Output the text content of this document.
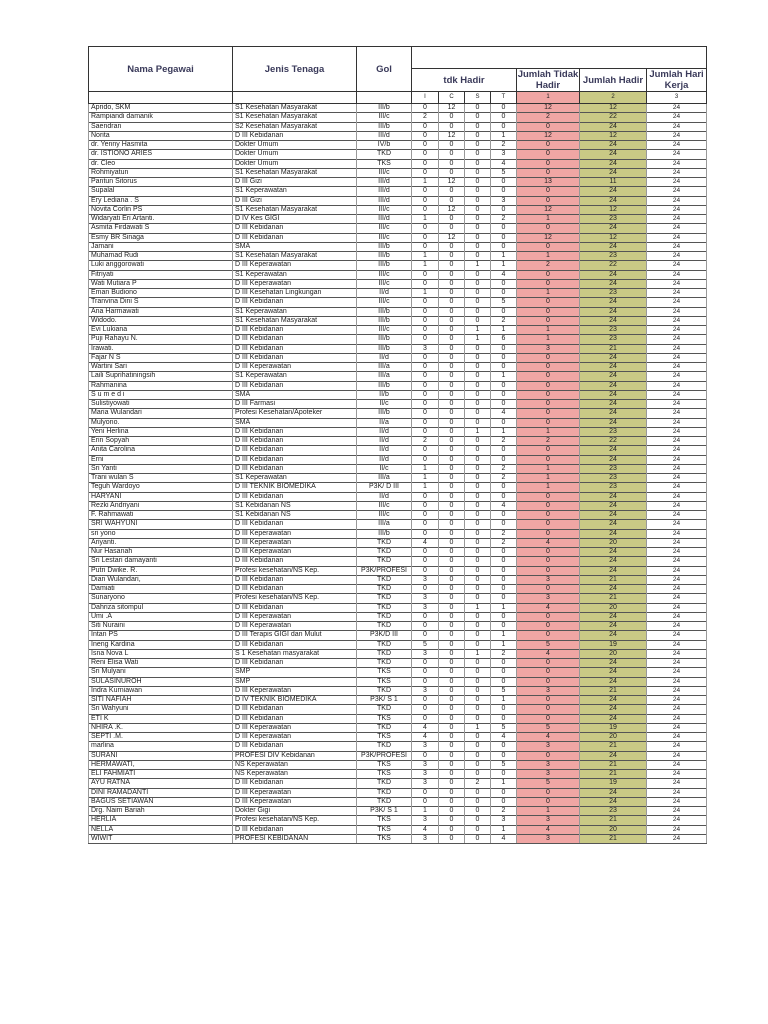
Nama Pegawai	Jenis Tenaga	Gol							
			tdk Hadir				Jumlah Tidak Hadir	Jumlah Hadir	Jumlah Hari Kerja
			I	C	S	T	1	2	3
Aprido, SKM	S1 Kesehatan Masyarakat	III/b	0	12	0	0	12	12	24
Rampiandi damanik	S1 Kesehatan Masyarakat	III/c	2	0	0	0	2	22	24
Saendran	S2 Kesehatan Masyarakat	III/b	0	0	0	0	0	24	24
Norita	D III Kebidanan	III/d	0	12	0	1	12	12	24
dr. Yenny Hasmita	Dokter Umum	IV/b	0	0	0	2	0	24	24
dr. ISTIONO ARIES	Dokter Umum	TKD	0	0	0	3	0	24	24
dr. Cleo	Dokter Umum	TKS	0	0	0	4	0	24	24
Rohmiyatun	S1 Kesehatan Masyarakat	III/c	0	0	0	5	0	24	24
Pantun Sitorus	D III Gizi	III/d	1	12	0	0	13	11	24
Supalal	S1 Keperawatan	III/d	0	0	0	0	0	24	24
Ery Lediana . S	D III Gizi	III/d	0	0	0	3	0	24	24
Novita Corlin PS	S1 Kesehatan Masyarakat	III/c	0	12	0	0	12	12	24
Widaryati Eri Artanti.	D IV Kes GIGI	III/d	1	0	0	2	1	23	24
Asmita Firdawati S	D III Kebidanan	III/c	0	0	0	0	0	24	24
Esmy BR Sinaga	D III Kebidanan	III/c	0	12	0	0	12	12	24
Jamani	SMA	III/b	0	0	0	0	0	24	24
Muhamad Rudi	S1 Kesehatan Masyarakat	III/b	1	0	0	1	1	23	24
Luki anggorowati	D III Keperawatan	III/b	1	0	1	1	2	22	24
Fitriyati	S1 Keperawatan	III/c	0	0	0	4	0	24	24
Wati Mutiara P	D III Keperawatan	III/c	0	0	0	0	0	24	24
Eman Budiono	D III Kesehatan Lingkungan	II/d	1	0	0	0	1	23	24
Tranvina Dini S	D III Kebidanan	III/c	0	0	0	5	0	24	24
Ana Harmawati	S1 Keperawatan	III/b	0	0	0	0	0	24	24
Widodo.	S1 Kesehatan Masyarakat	III/b	0	0	0	2	0	24	24
Evi Lukiana	D III Kebidanan	III/c	0	0	1	1	1	23	24
Puji Rahayu N.	D III Kebidanan	III/b	0	0	1	6	1	23	24
Irawati.	D III Kebidanan	III/b	3	0	0	0	3	21	24
Fajar N S	D III Kebidanan	II/d	0	0	0	0	0	24	24
Wartini Sari	D III Keperawatan	III/a	0	0	0	0	0	24	24
Laili Suprihatiningsih	S1 Keperawatan	III/a	0	0	0	1	0	24	24
Rahmanina	D III Kebidanan	III/b	0	0	0	0	0	24	24
S u m e d i	SMA	II/b	0	0	0	0	0	24	24
Sulistiyowati	D III Farmasi	II/c	0	0	0	0	0	24	24
Maria Wulandari	Profesi Kesehatan/Apoteker	III/b	0	0	0	4	0	24	24
Mulyono.	SMA	II/a	0	0	0	0	0	24	24
Yeni Herlina	D III Kebidanan	II/d	0	0	1	1	1	23	24
Erin Sopyah	D III Kebidanan	II/d	2	0	0	2	2	22	24
Anita Carolina	D III Kebidanan	II/d	0	0	0	0	0	24	24
Erni	D III Kebidanan	II/d	0	0	0	0	0	24	24
Sri Yanti	D III Kebidanan	II/c	1	0	0	2	1	23	24
Trani wulan S	S1 Keperawatan	III/a	1	0	0	2	1	23	24
Teguh Wardoyo	D III TEKNIK BIOMEDIKA	P3K/ D III	1	0	0	0	1	23	24
HARYANI	D III Kebidanan	II/d	0	0	0	0	0	24	24
Rezki Andriyani	S1 Kebidanan NS	III/c	0	0	0	4	0	24	24
F. Rahmawati	S1 Kebidanan NS	III/c	0	0	0	0	0	24	24
SRI WAHYUNI	D III Kebidanan	III/a	0	0	0	0	0	24	24
sri yono	D III Keperawatan	III/b	0	0	0	2	0	24	24
Ariyanti.	D III Keperawatan	TKD	4	0	0	2	4	20	24
Nur Hasanah	D III Keperawatan	TKD	0	0	0	0	0	24	24
Sri Lestari damayanti	D III Kebidanan	TKD	0	0	0	0	0	24	24
Putri Dwike. R.	Profesi kesehatan/NS Kep.	P3K/PROFESI	0	0	0	0	0	24	24
Dian Wulandari,	D III Kebidanan	TKD	3	0	0	0	3	21	24
Damiati	D III Kebidanan	TKD	0	0	0	0	0	24	24
Sunaryono	Profesi kesehatan/NS Kep.	TKD	3	0	0	0	3	21	24
Dahriza sitompul	D III Kebidanan	TKD	3	0	1	1	4	20	24
Umi .A	D III Keperawatan	TKD	0	0	0	0	0	24	24
Siti Nuraini	D III Keperawatan	TKD	0	0	0	0	0	24	24
Intan PS	D III Terapis GIGI dan Mulut	P3K/D III	0	0	0	1	0	24	24
Ineng Kardina	D III Kebidanan	TKD	5	0	0	1	5	19	24
Isna Nova L	S 1 Kesehatan masyarakat	TKD	3	0	1	2	4	20	24
Reni Elisa Wati	D III Kebidanan	TKD	0	0	0	0	0	24	24
Sri Mulyani	SMP	TKS	0	0	0	0	0	24	24
SULASINUROH	SMP	TKS	0	0	0	0	0	24	24
Indra Kurniawan	D III Keperawatan	TKD	3	0	0	5	3	21	24
SITI NAFIAH	D IV TEKNIK BIOMEDIKA	P3K/ S 1	0	0	0	1	0	24	24
Sri Wahyuni	D III Kebidanan	TKD	0	0	0	0	0	24	24
ETI K	D III Kebidanan	TKS	0	0	0	0	0	24	24
NHIRA .K.	D III Keperawatan	TKD	4	0	1	5	5	19	24
SEPTI .M.	D III Keperawatan	TKS	4	0	0	4	4	20	24
marlina	D III Kebidanan	TKD	3	0	0	0	3	21	24
SURANI	PROFESI DIV Kebidanan	P3K/PROFESI	0	0	0	0	0	24	24
HERMAWATI,	NS Keperawatan	TKS	3	0	0	5	3	21	24
ELI FAHMIATI	NS Keperawatan	TKS	3	0	0	0	3	21	24
AYU RATNA	D III Kebidanan	TKD	3	0	2	1	5	19	24
DINI RAMADANTI	D III Keperawatan	TKD	0	0	0	0	0	24	24
BAGUS SETIAWAN	D III Keperawatan	TKD	0	0	0	0	0	24	24
Drg. Naim Bariah	Dokter Gigi	P3K/ S 1	1	0	0	2	1	23	24
HERLIA	Profesi kesehatan/NS Kep.	TKS	3	0	0	3	3	21	24
NELLA	D III Kebidanan	TKS	4	0	0	1	4	20	24
WIWIT	PROFESI KEBIDANAN	TKS	3	0	0	4	3	21	24
